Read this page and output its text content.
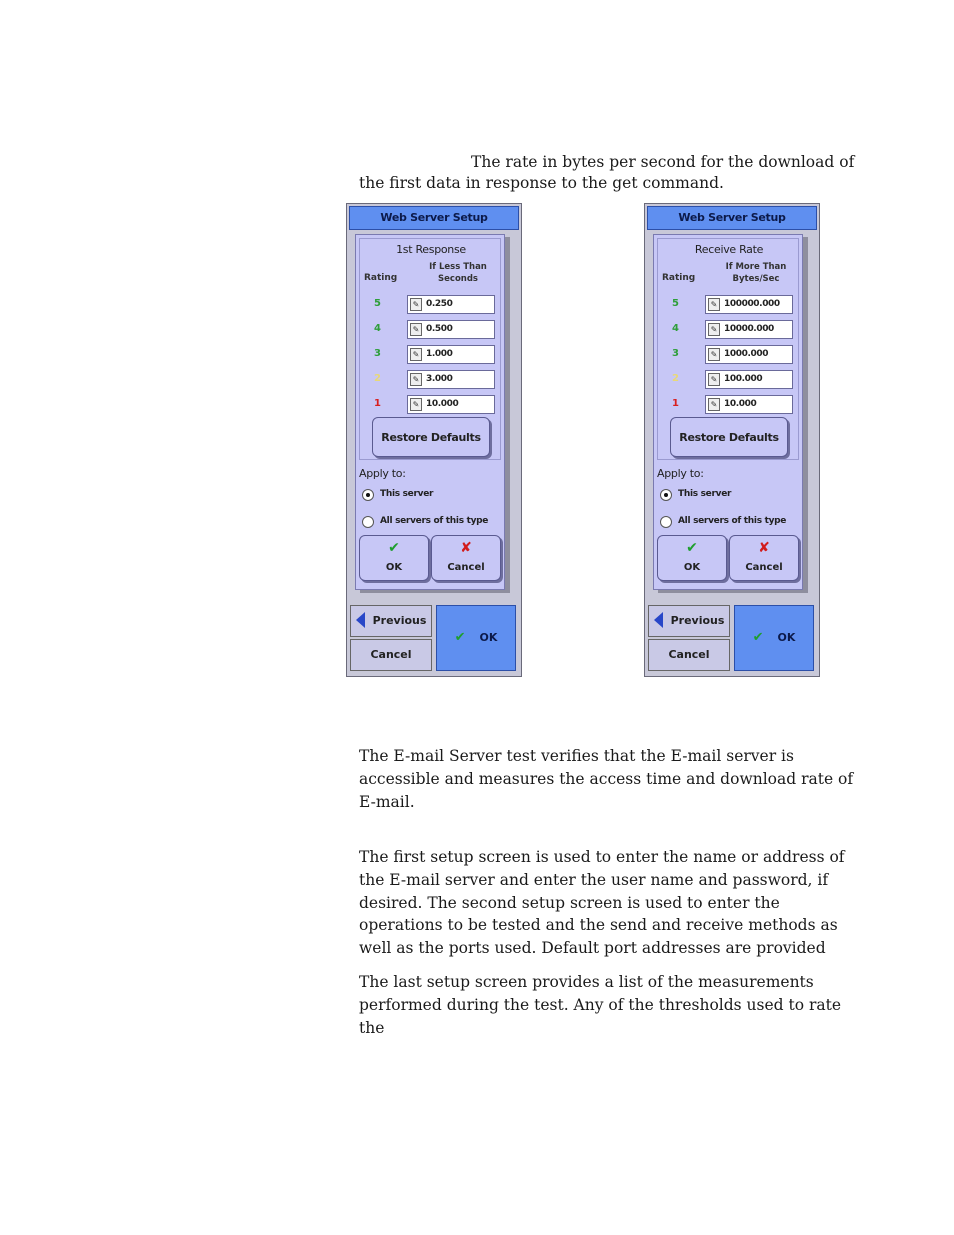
The rate in bytes per second for the download of the first data in response to the get command.

Web Server Setup
1st Response
Rating
If Less Than
Seconds
5	✎ 0.250
4	✎ 0.500
3	✎ 1.000
2	✎ 3.000
1	✎ 10.000
Restore Defaults
Apply to:
This server
All servers of this type
✔
OK
✘
Cancel
Previous
Cancel
✔ OK
Web Server Setup
Receive Rate
Rating
If More Than
Bytes/Sec
5	✎ 100000.000
4	✎ 10000.000
3	✎ 1000.000
2	✎ 100.000
1	✎ 10.000
Restore Defaults
Apply to:
This server
All servers of this type
✔
OK
✘
Cancel
Previous
Cancel
✔ OK

The E-mail Server test verifies that the E-mail server is accessible and measures the access time and download rate of E-mail.

The first setup screen is used to enter the name or address of the E-mail server and enter the user name and password, if desired. The second setup screen is used to enter the operations to be tested and the send and receive methods as well as the ports used. Default port addresses are provided

The last setup screen provides a list of the measurements performed during the test. Any of the thresholds used to rate the
